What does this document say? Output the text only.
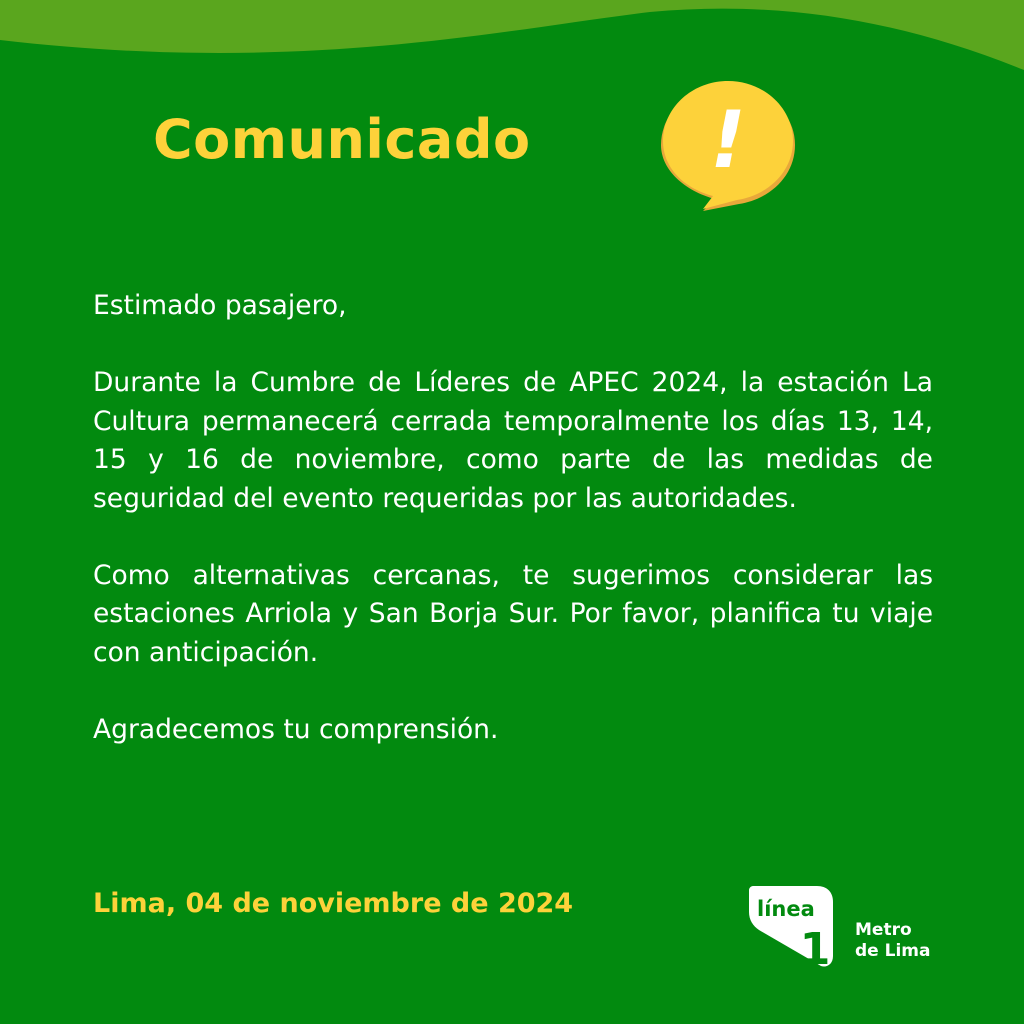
Comunicado !

Estimado pasajero,

Durante la Cumbre de Líderes de APEC 2024, la estación La Cultura permanecerá cerrada temporalmente los días 13, 14, 15 y 16 de noviembre, como parte de las medidas de seguridad del evento requeridas por las autoridades.

Como alternativas cercanas, te sugerimos considerar las estaciones Arriola y San Borja Sur. Por favor, planifica tu viaje con anticipación.

Agradecemos tu comprensión.

Lima, 04 de noviembre de 2024	línea
1 Metro
de Lima
